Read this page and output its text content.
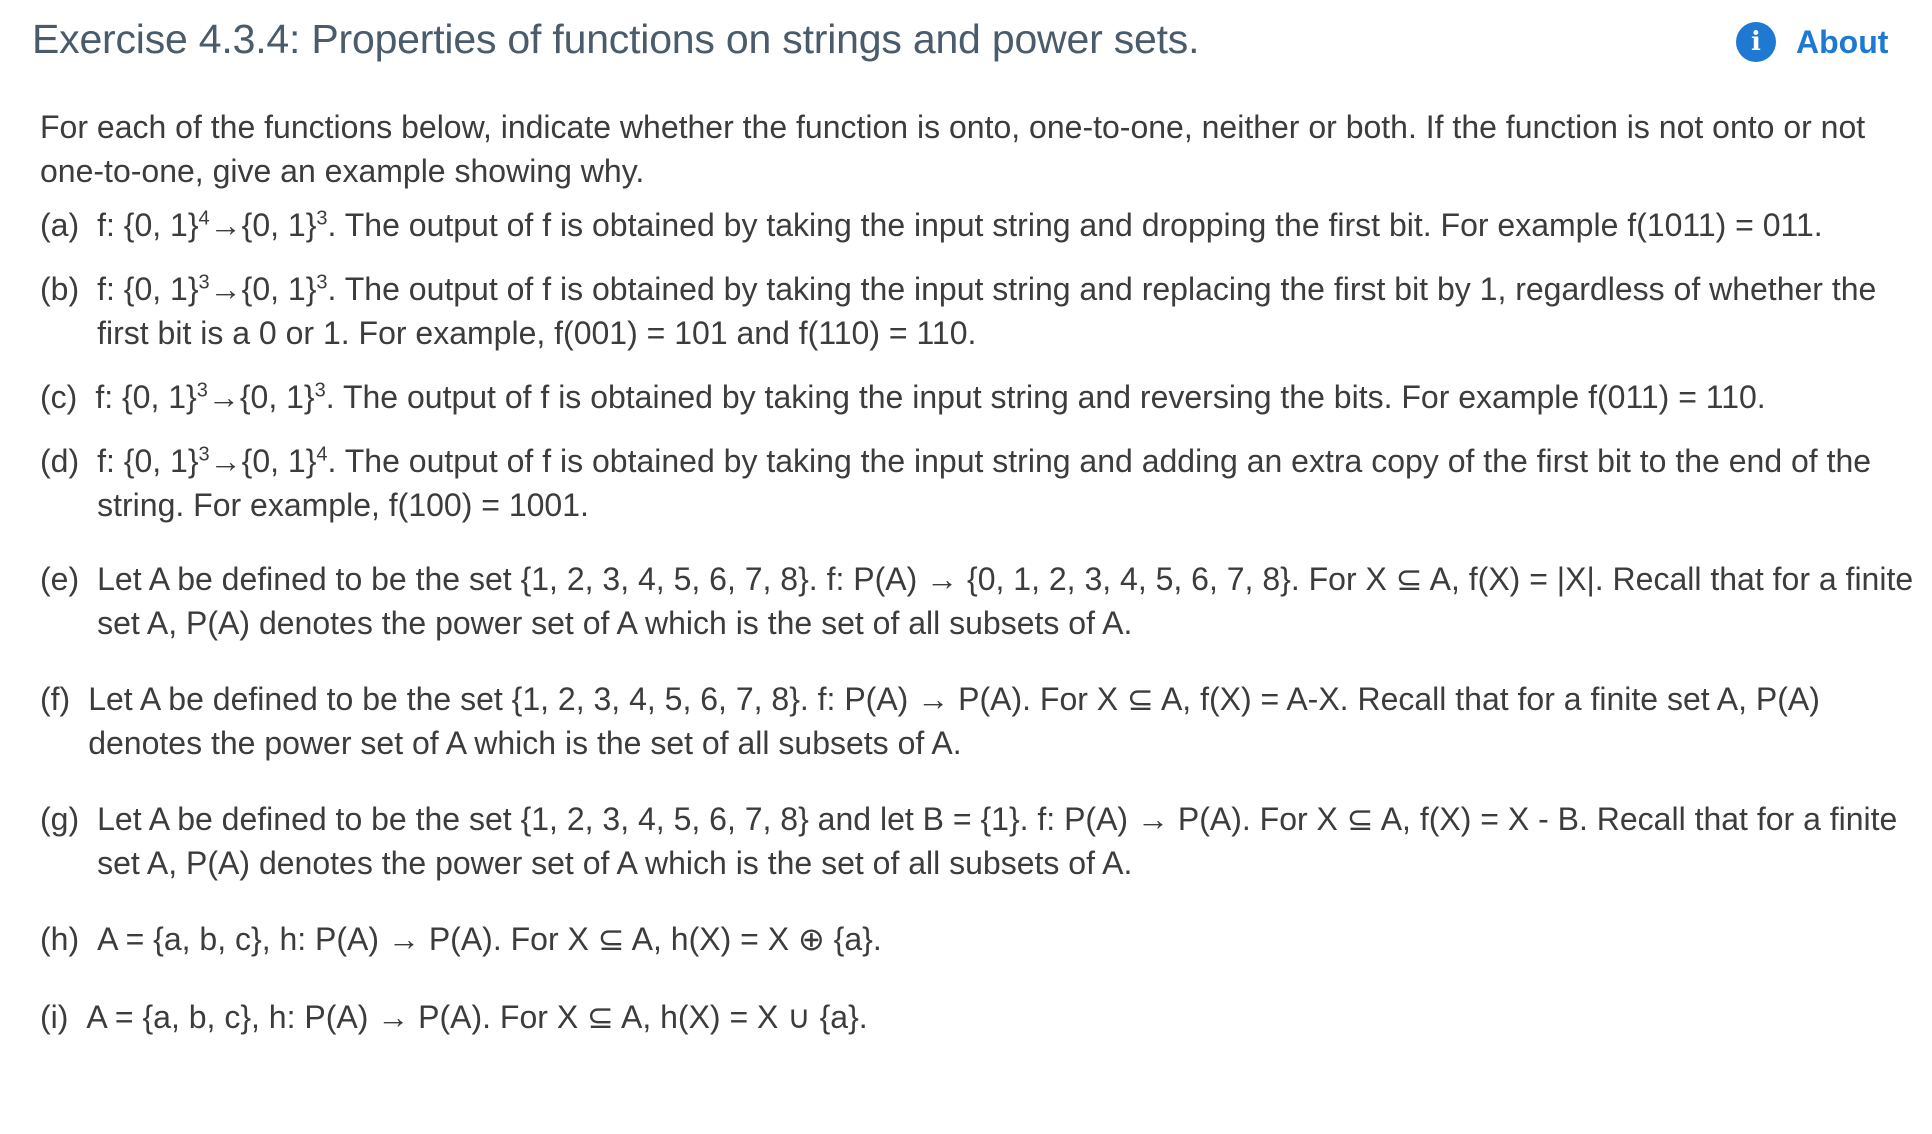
Exercise 4.3.4: Properties of functions on strings and power sets.	i	About

For each of the functions below, indicate whether the function is onto, one-to-one, neither or both. If the function is not onto or not one-to-one, give an example showing why.

(a) f: {0, 1}$^4$→{0, 1}$^3$. The output of f is obtained by taking the input string and dropping the first bit. For example f(1011) = 011.
(b) f: {0, 1}$^3$→{0, 1}$^3$. The output of f is obtained by taking the input string and replacing the first bit by 1, regardless of whether the first bit is a 0 or 1. For example, f(001) = 101 and f(110) = 110.
(c) f: {0, 1}$^3$→{0, 1}$^3$. The output of f is obtained by taking the input string and reversing the bits. For example f(011) = 110.
(d) f: {0, 1}$^3$→{0, 1}$^4$. The output of f is obtained by taking the input string and adding an extra copy of the first bit to the end of the string. For example, f(100) = 1001.
(e) Let A be defined to be the set {1, 2, 3, 4, 5, 6, 7, 8}. f: P(A) → {0, 1, 2, 3, 4, 5, 6, 7, 8}. For X ⊆ A, f(X) = |X|. Recall that for a finite set A, P(A) denotes the power set of A which is the set of all subsets of A.
(f) Let A be defined to be the set {1, 2, 3, 4, 5, 6, 7, 8}. f: P(A) → P(A). For X ⊆ A, f(X) = A-X. Recall that for a finite set A, P(A) denotes the power set of A which is the set of all subsets of A.
(g) Let A be defined to be the set {1, 2, 3, 4, 5, 6, 7, 8} and let B = {1}. f: P(A) → P(A). For X ⊆ A, f(X) = X - B. Recall that for a finite set A, P(A) denotes the power set of A which is the set of all subsets of A.
(h) A = {a, b, c}, h: P(A) → P(A). For X ⊆ A, h(X) = X ⊕ {a}.
(i) A = {a, b, c}, h: P(A) → P(A). For X ⊆ A, h(X) = X ∪ {a}.
